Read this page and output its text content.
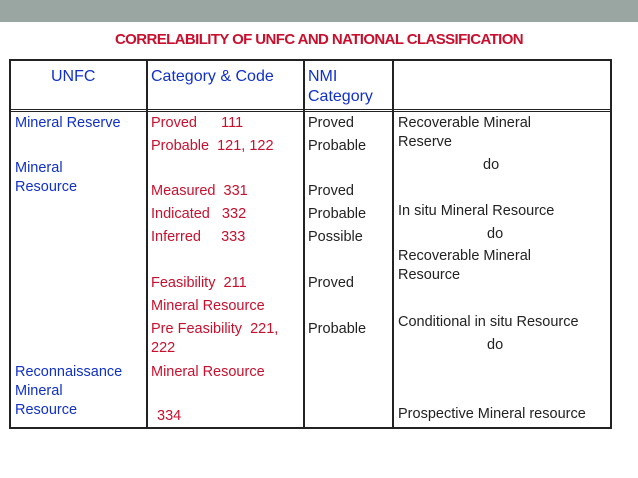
CORRELABILITY OF UNFC AND NATIONAL CLASSIFICATION
UNFC	Category & Code NMI
Category
Mineral Reserve
Mineral
Resource
Reconnaissance
Mineral
Resource
Proved      111
Probable  121, 122
Measured  331
Indicated   332
Inferred     333
Feasibility  211
Mineral Resource
Pre Feasibility  221,
222
Mineral Resource
334
Proved
Probable
Proved
Probable
Possible
Proved
Probable
Recoverable Mineral
Reserve
do
In situ Mineral Resource
do
Recoverable Mineral
Resource
Conditional in situ Resource
do
Prospective Mineral resource
